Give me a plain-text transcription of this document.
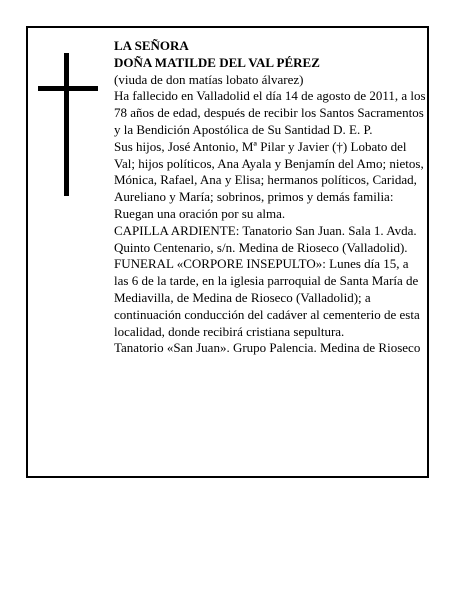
LA SEÑORA

DOÑA MATILDE DEL VAL PÉREZ

(viuda de don matías lobato álvarez)

Ha fallecido en Valladolid el día 14 de agosto de 2011, a los 78 años de edad, después de recibir los Santos Sacramentos y la Bendición Apostólica de Su Santidad D. E. P.

Sus hijos, José Antonio, Mª Pilar y Javier (†) Lobato del Val; hijos políticos, Ana Ayala y Benjamín del Amo; nietos, Mónica, Rafael, Ana y Elisa; hermanos políticos, Caridad, Aureliano y María; sobrinos, primos y demás familia:

Ruegan una oración por su alma.

CAPILLA ARDIENTE: Tanatorio San Juan. Sala 1. Avda. Quinto Centenario, s/n. Medina de Rioseco (Valladolid).

FUNERAL «CORPORE INSEPULTO»: Lunes día 15, a las 6 de la tarde, en la iglesia parroquial de Santa María de Mediavilla, de Medina de Rioseco (Valladolid); a continuación conducción del cadáver al cementerio de esta localidad, donde recibirá cristiana sepultura.

Tanatorio «San Juan». Grupo Palencia. Medina de Rioseco
